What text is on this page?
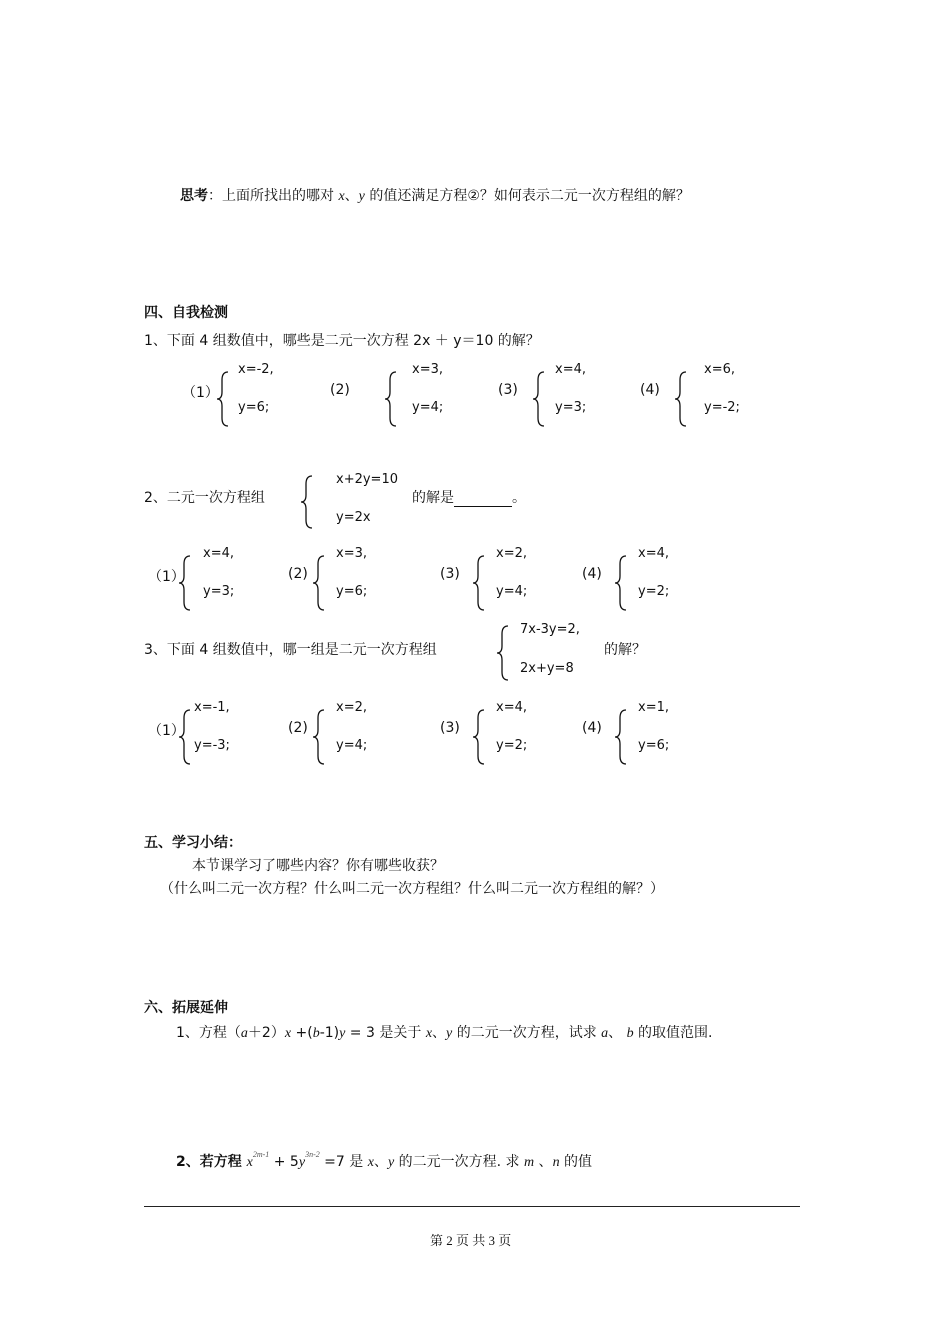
思考：上面所找出的哪对 x、y 的值还满足方程②？如何表示二元一次方程组的解？
四、自我检测
1、下面 4 组数值中，哪些是二元一次方程 2x ＋ y＝10 的解？
（1）
x=-2,
y=6;
(2)
x=3,
y=4;
(3)
x=4,
y=3;
(4)
x=6,
y=-2;
2、二元一次方程组
x+2y=10
y=2x
的解是	。
（1）
x=4,
y=3;
(2)
x=3,
y=6;
(3)
x=2,
y=4;
(4)
x=4,
y=2;
3、下面 4 组数值中，哪一组是二元一次方程组
7x-3y=2,
2x+y=8
的解？
（1）
x=-1,
y=-3;
(2)
x=2,
y=4;
(3)
x=4,
y=2;
(4)
x=1,
y=6;
五、学习小结：
本节课学习了哪些内容？你有哪些收获？
（什么叫二元一次方程？什么叫二元一次方程组？什么叫二元一次方程组的解？）
六、拓展延伸
1、方程（a＋2）x +(b-1)y = 3 是关于 x、y 的二元一次方程，试求 a、 b 的取值范围.
2、若方程 $x^{2m-1} + 5y^{3n-2} =7$ 是 x、y 的二元一次方程. 求 m 、n 的值
第 2 页 共 3 页
